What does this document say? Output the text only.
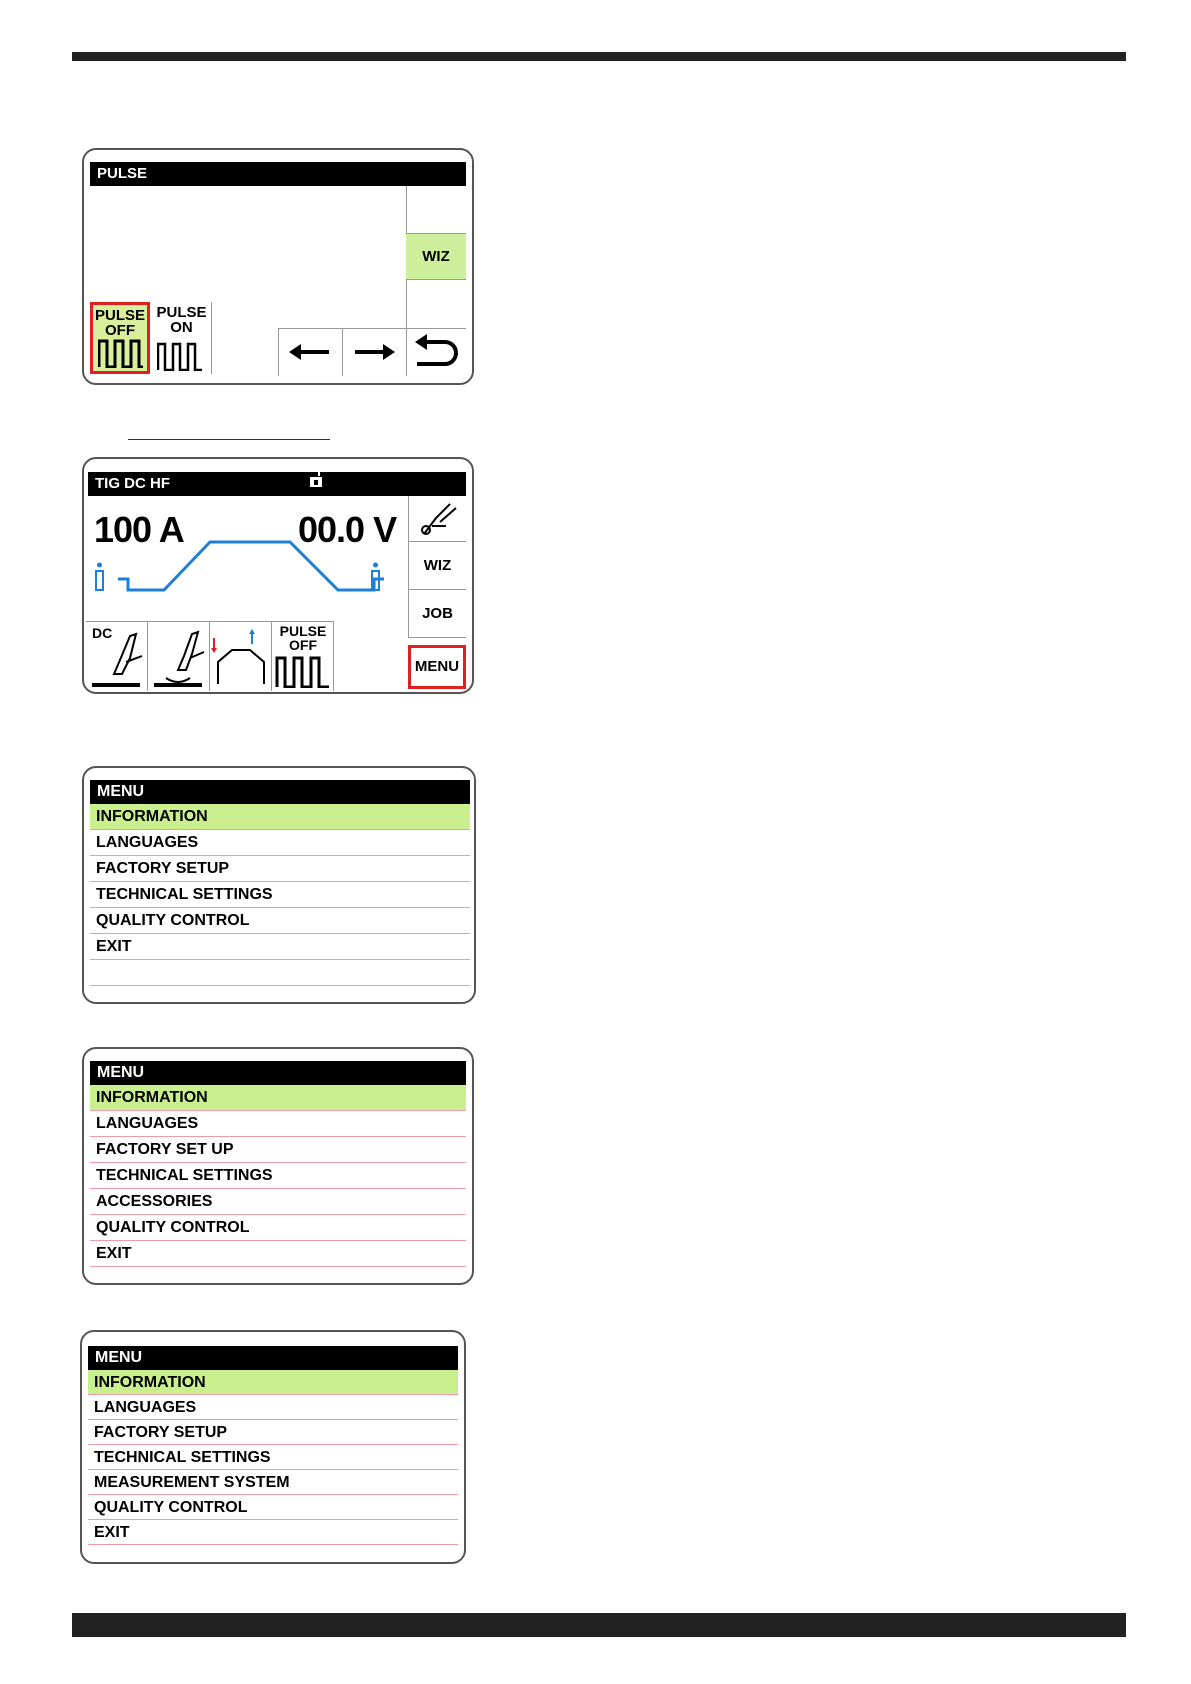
PULSE
WIZ
PULSE
OFF
PULSE
ON
TIG DC HF
100 A	00.0 V
WIZ
JOB
MENU
DC	PULSE
OFF
MENU
INFORMATION
LANGUAGES
FACTORY SETUP
TECHNICAL SETTINGS
QUALITY CONTROL
EXIT
MENU
INFORMATION
LANGUAGES
FACTORY SET UP
TECHNICAL SETTINGS
ACCESSORIES
QUALITY CONTROL
EXIT
MENU
INFORMATION
LANGUAGES
FACTORY SETUP
TECHNICAL SETTINGS
MEASUREMENT SYSTEM
QUALITY CONTROL
EXIT
